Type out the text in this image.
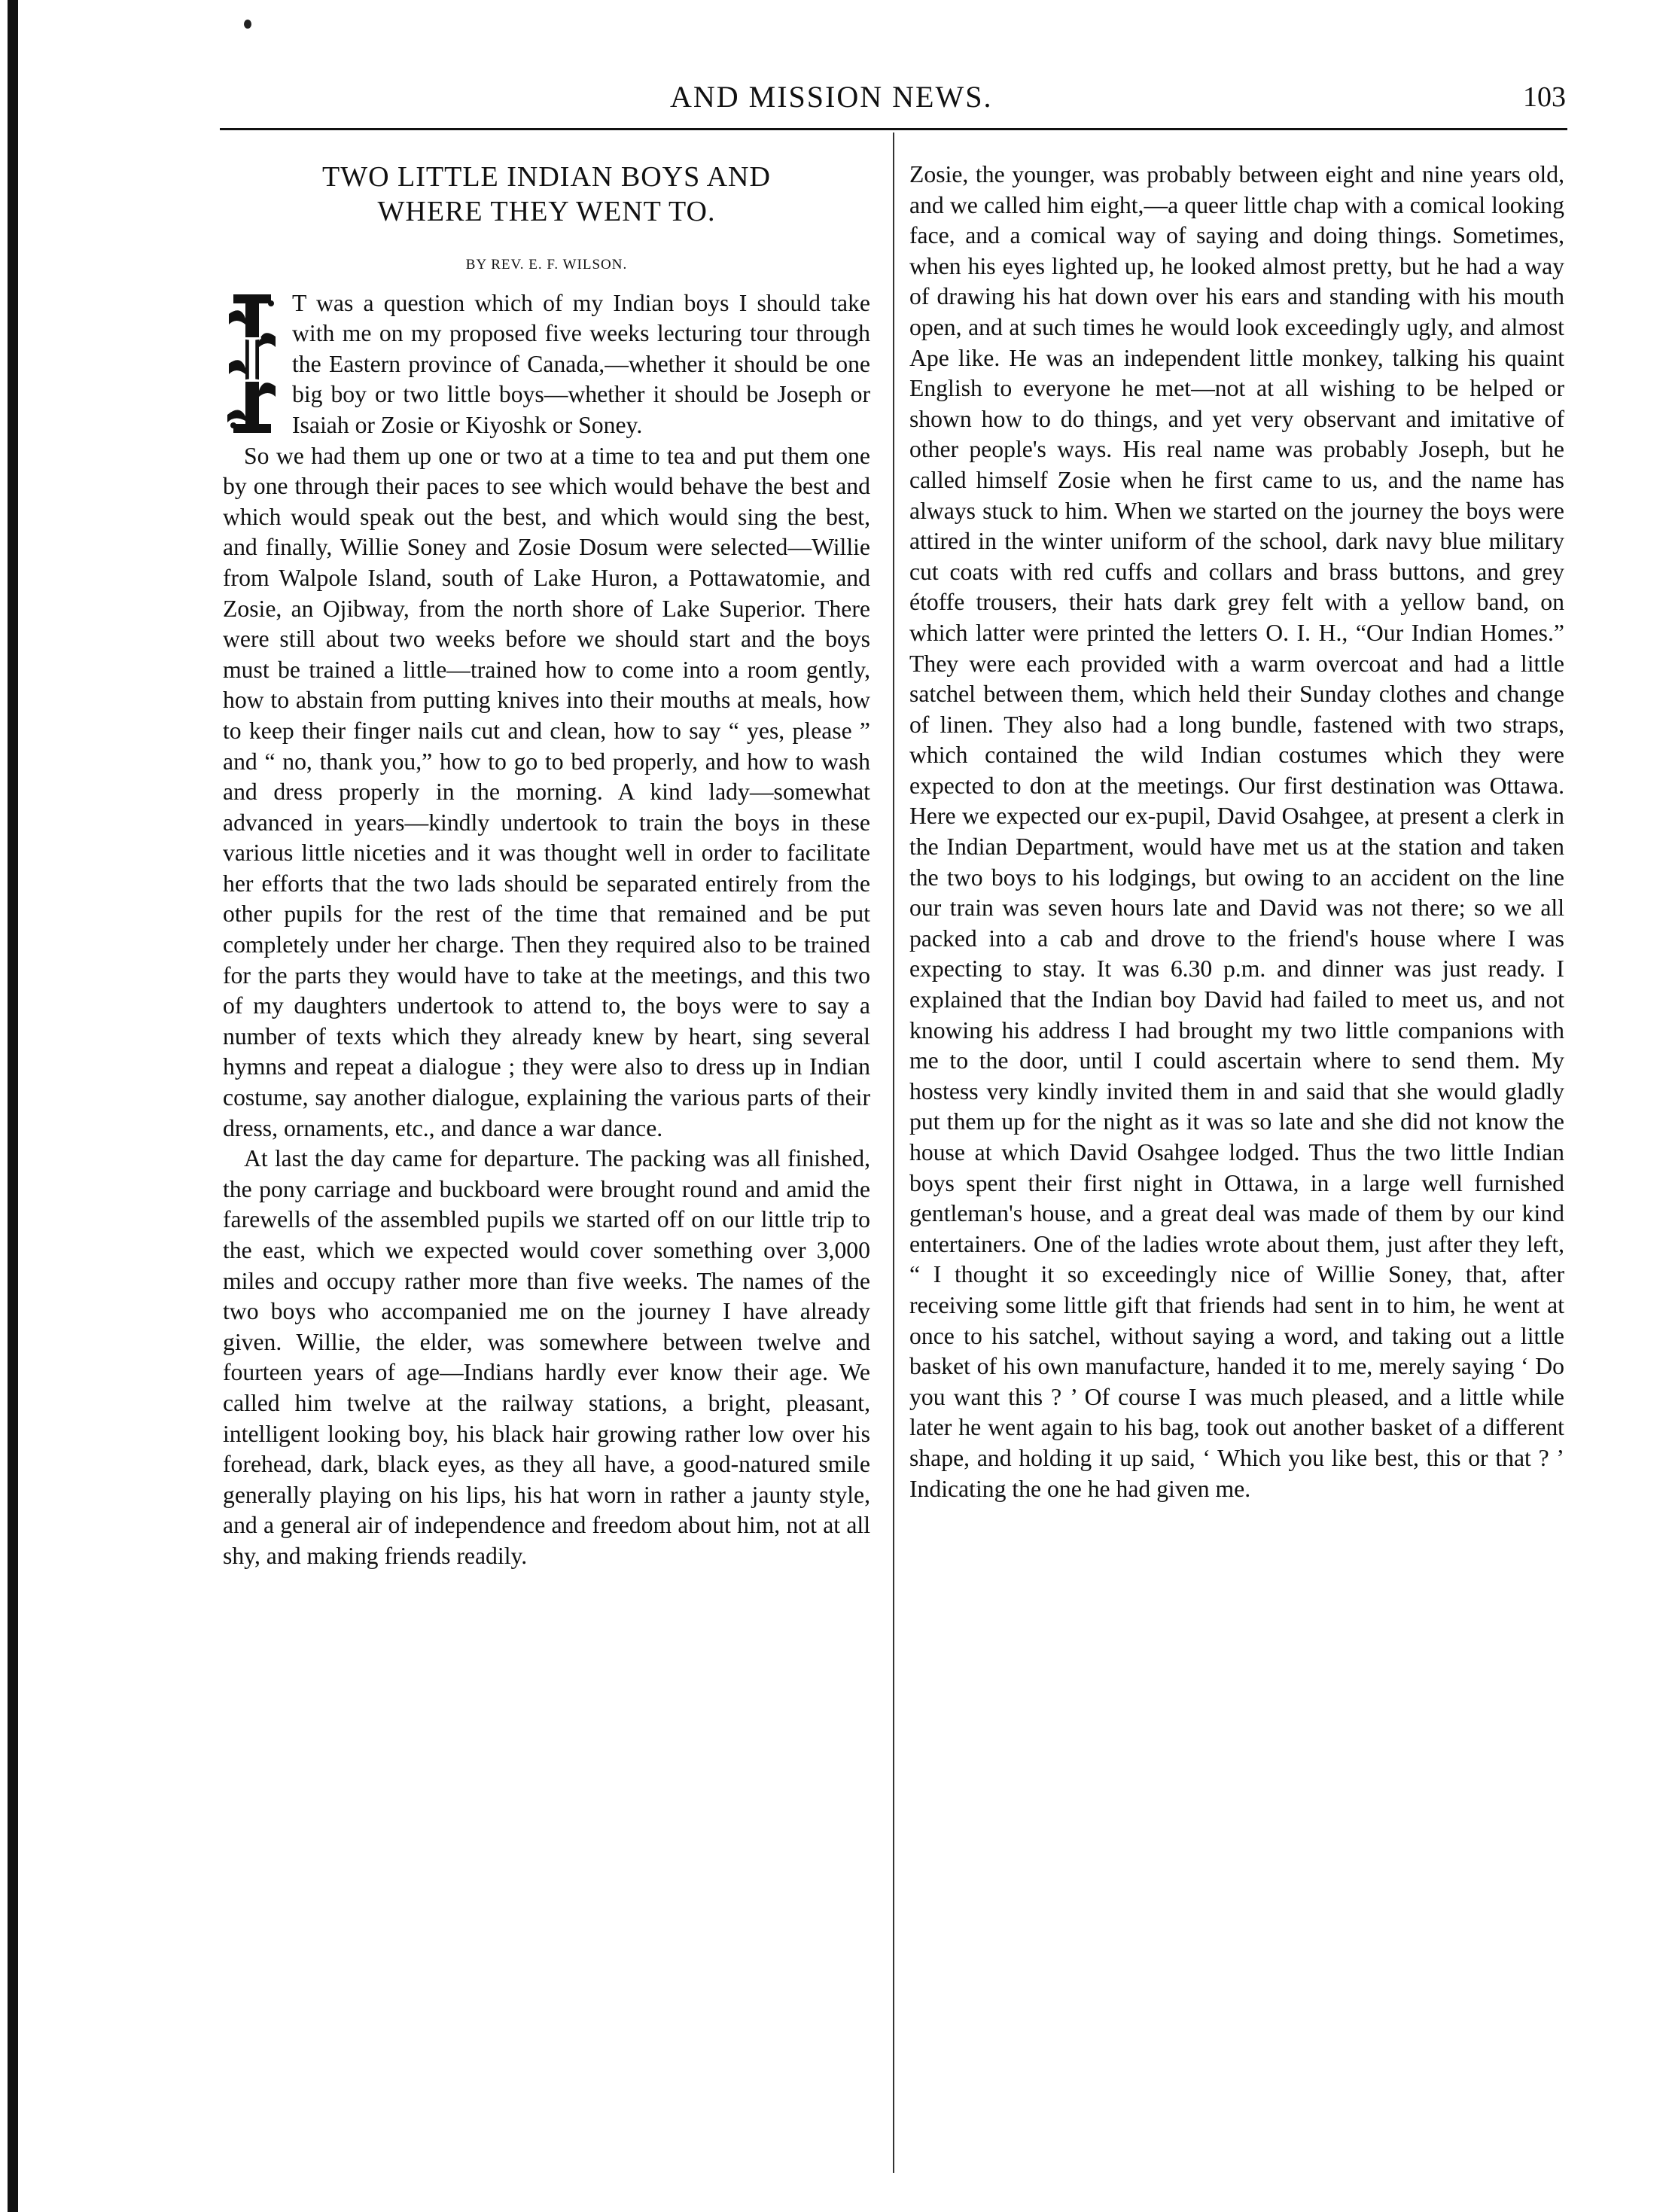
AND MISSION NEWS.	103
TWO LITTLE INDIAN BOYS AND
WHERE THEY WENT TO.
BY REV. E. F. WILSON.

I
T was a question which of my Indian boys I should take with me on my proposed five weeks lecturing tour through the Eastern province of Canada,—whether it should be one big boy or two little boys—whether it should be Joseph or Isaiah or Zosie or Kiyoshk or Soney.

So we had them up one or two at a time to tea and put them one by one through their paces to see which would behave the best and which would speak out the best, and which would sing the best, and finally, Willie Soney and Zosie Dosum were selected—Willie from Walpole Island, south of Lake Huron, a Pottawatomie, and Zosie, an Ojibway, from the north shore of Lake Superior. There were still about two weeks before we should start and the boys must be trained a little—trained how to come into a room gently, how to abstain from putting knives into their mouths at meals, how to keep their finger nails cut and clean, how to say “ yes, please ” and “ no, thank you,” how to go to bed properly, and how to wash and dress properly in the morning. A kind lady—somewhat advanced in years—kindly undertook to train the boys in these various little niceties and it was thought well in order to facilitate her efforts that the two lads should be separated entirely from the other pupils for the rest of the time that remained and be put completely under her charge. Then they required also to be trained for the parts they would have to take at the meetings, and this two of my daughters undertook to attend to, the boys were to say a number of texts which they already knew by heart, sing several hymns and repeat a dialogue ; they were also to dress up in Indian costume, say another dialogue, explaining the various parts of their dress, ornaments, etc., and dance a war dance.

At last the day came for departure. The packing was all finished, the pony carriage and buckboard were brought round and amid the farewells of the assembled pupils we started off on our little trip to the east, which we expected would cover something over 3,000 miles and occupy rather more than five weeks. The names of the two boys who accompanied me on the journey I have already given. Willie, the elder, was somewhere between twelve and fourteen years of age—Indians hardly ever know their age. We called him twelve at the railway stations, a bright, pleasant, intelligent looking boy, his black hair growing rather low over his forehead, dark, black eyes, as they all have, a good-natured smile generally playing on his lips, his hat worn in rather a jaunty style, and a general air of independence and freedom about him, not at all shy, and making friends readily.

Zosie, the younger, was probably between eight and nine years old, and we called him eight,—a queer little chap with a comical looking face, and a comical way of saying and doing things. Sometimes, when his eyes lighted up, he looked almost pretty, but he had a way of drawing his hat down over his ears and standing with his mouth open, and at such times he would look exceedingly ugly, and almost Ape like. He was an independent little monkey, talking his quaint English to everyone he met—not at all wishing to be helped or shown how to do things, and yet very observant and imitative of other people's ways. His real name was probably Joseph, but he called himself Zosie when he first came to us, and the name has always stuck to him. When we started on the journey the boys were attired in the winter uniform of the school, dark navy blue military cut coats with red cuffs and collars and brass buttons, and grey étoffe trousers, their hats dark grey felt with a yellow band, on which latter were printed the letters O. I. H., “Our Indian Homes.” They were each provided with a warm overcoat and had a little satchel between them, which held their Sunday clothes and change of linen. They also had a long bundle, fastened with two straps, which contained the wild Indian costumes which they were expected to don at the meetings. Our first destination was Ottawa. Here we expected our ex-pupil, David Osahgee, at present a clerk in the Indian Department, would have met us at the station and taken the two boys to his lodgings, but owing to an accident on the line our train was seven hours late and David was not there; so we all packed into a cab and drove to the friend's house where I was expecting to stay. It was 6.30 p.m. and dinner was just ready. I explained that the Indian boy David had failed to meet us, and not knowing his address I had brought my two little companions with me to the door, until I could ascertain where to send them. My hostess very kindly invited them in and said that she would gladly put them up for the night as it was so late and she did not know the house at which David Osahgee lodged. Thus the two little Indian boys spent their first night in Ottawa, in a large well furnished gentleman's house, and a great deal was made of them by our kind entertainers. One of the ladies wrote about them, just after they left, “ I thought it so exceedingly nice of Willie Soney, that, after receiving some little gift that friends had sent in to him, he went at once to his satchel, without saying a word, and taking out a little basket of his own manufacture, handed it to me, merely saying ‘ Do you want this ? ’ Of course I was much pleased, and a little while later he went again to his bag, took out another basket of a different shape, and holding it up said, ‘ Which you like best, this or that ? ’ Indicating the one he had given me.
